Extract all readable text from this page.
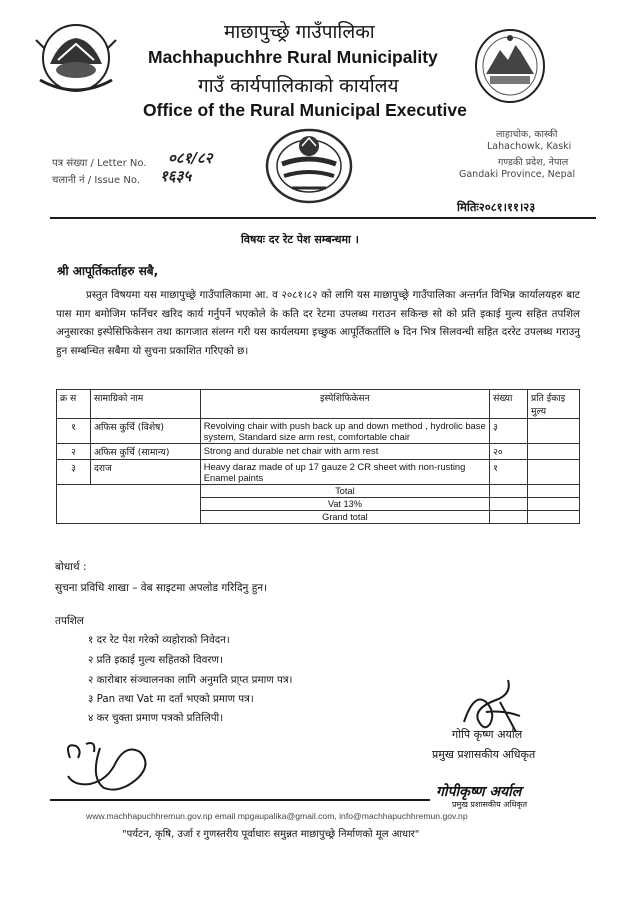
माछापुच्छ्रे गाउँपालिका
Machhapuchhre Rural Municipality
गाउँ कार्यपालिकाको कार्यालय
Office of the Rural Municipal Executive
लाहाचोक, कास्की
Lahachowk, Kaski
गण्डकी प्रदेश, नेपाल
Gandaki Province, Nepal
पत्र संख्या / Letter No. ०८१/८२
चलानी नं / Issue No. १६३५
मितिः२०८१।११।२३
विषयः दर रेट पेश सम्बन्धमा ।
श्री आपूर्तिकर्ताहरु सबै,
प्रस्तुत विषयमा यस माछापुच्छ्रे गाउँपालिकामा आ. व २०८१।८२ को लागि यस माछापुच्छ्रे गाउँपालिका अन्तर्गत विभिन्न कार्यालयहरु बाट पास माग बमोजिम फर्निचर खरिद कार्य गर्नुपर्ने भएकोले के कति दर रेटमा उपलब्ध गराउन सकिन्छ सो को प्रति इकाई मुल्य सहित तपशिल अनुसारका इस्पेसिफिकेसन तथा कागजात संलग्न गरी यस कार्यलयमा इच्छुक आपूर्तिकर्तालि ७ दिन भित्र सिलवन्धी सहित दररेट उपलब्ध गराउनु हुन सम्बन्धित सबैमा यो सुचना प्रकाशित गरिएको छ।
क्र स	सामाग्रिको नाम	इस्पेशिफिकेसन	संख्या	प्रति ईकाइ मुल्य
१	अफिस कुर्चि (विशेष)	Revolving chair with push back up and down method , hydrolic base system, Standard size arm rest, comfortable chair	३	
२	अफिस कुर्चि (सामान्य)	Strong and durable net chair with arm rest	२०	
३	दराज	Heavy daraz made of up 17 gauze 2 CR sheet with non-rusting Enamel paints	१	
		Total		
		Vat 13%		
		Grand total		
बोधार्थ :
सुचना प्रविधि शाखा – वेब साइटमा अपलोड गरिदिनु हुन।
तपशिल
१ दर रेट पेश गरेको व्यहोराको निवेदन।
२ प्रति इकाई मुल्य सहितको विवरण।
२ कारोबार संञ्चालनका लागि अनुमति प्रा्प्त प्रमाण पत्र।
३ Pan तथा Vat मा दर्ता भएको प्रमाण पत्र।
४ कर चुक्ता प्रमाण पत्रको प्रतिलिपी।
गोपि कृष्ण अर्याल
प्रमुख प्रशासकीय अधिकृत
गोपीकृष्ण अर्याल
प्रमुख प्रशासकीय अधिकृत
www.machhapuchhremun.gov.np email mpgaupalika@gmail.com, info@machhapuchhremun.gov.np
"पर्यटन, कृषि, उर्जा र गुणस्तरीय पूर्वाधारः समुन्नत माछापुच्छ्रे निर्माणको मूल आधार"
